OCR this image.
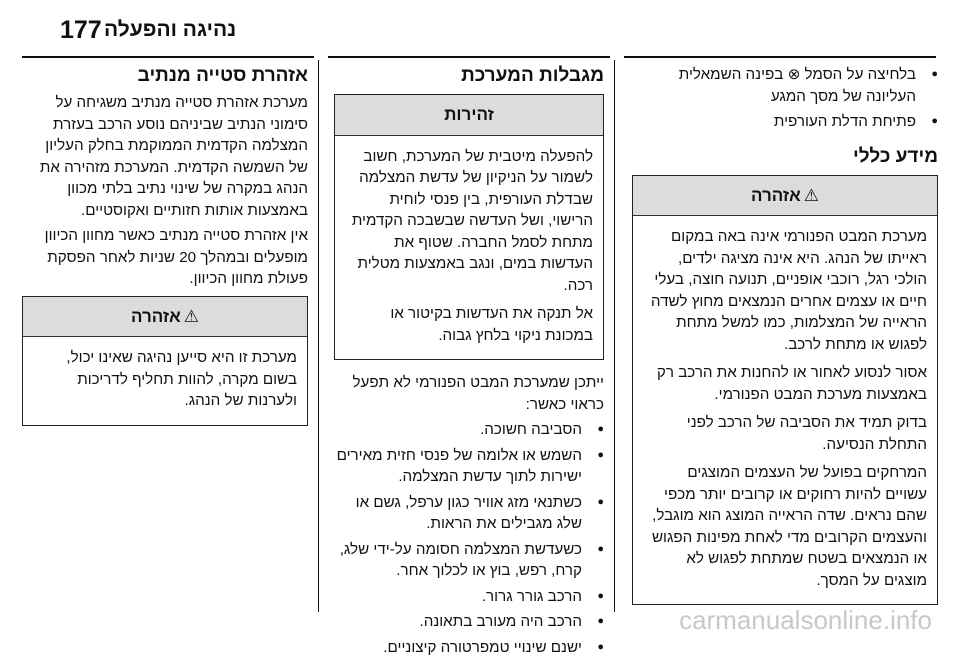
177 נהיגה והפעלה
● בלחיצה על הסמל ⊗ בפינה השמאלית העליונה של מסך המגע
● פתיחת הדלת העורפית
מידע כללי
⚠אזהרה

מערכת המבט הפנורמי אינה באה במקום ראייתו של הנהג. היא אינה מציגה ילדים, הולכי רגל, רוכבי אופניים, תנועה חוצה, בעלי חיים או עצמים אחרים הנמצאים מחוץ לשדה הראייה של המצלמות, כמו למשל מתחת לפגוש או מתחת לרכב.

אסור לנסוע לאחור או להחנות את הרכב רק באמצעות מערכת המבט הפנורמי.

בדוק תמיד את הסביבה של הרכב לפני התחלת הנסיעה.

המרחקים בפועל של העצמים המוצגים עשויים להיות רחוקים או קרובים יותר מכפי שהם נראים. שדה הראייה המוצג הוא מוגבל, והעצמים הקרובים מדי לאחת מפינות הפגוש או הנמצאים בשטח שמתחת לפגוש לא מוצגים על המסך.

מגבלות המערכת
זהירות

להפעלה מיטבית של המערכת, חשוב לשמור על הניקיון של עדשת המצלמה שבדלת העורפית, בין פנסי לוחית הרישוי, ושל העדשה שבשבכה הקדמית מתחת לסמל החברה. שטוף את העדשות במים, ונגב באמצעות מטלית רכה.

אל תנקה את העדשות בקיטור או במכונת ניקוי בלחץ גבוה.

ייתכן שמערכת המבט הפנורמי לא תפעל כראוי כאשר:

● הסביבה חשוכה.
● השמש או אלומה של פנסי חזית מאירים ישירות לתוך עדשת המצלמה.
● כשתנאי מזג אוויר כגון ערפל, גשם או שלג מגבילים את הראות.
● כשעדשת המצלמה חסומה על-ידי שלג, קרח, רפש, בוץ או לכלוך אחר.
● הרכב גורר גרור.
● הרכב היה מעורב בתאונה.
● ישנם שינויי טמפרטורה קיצוניים.
אזהרת סטייה מנתיב

מערכת אזהרת סטייה מנתיב משגיחה על סימוני הנתיב שביניהם נוסע הרכב בעזרת המצלמה הקדמית הממוקמת בחלק העליון של השמשה הקדמית. המערכת מזהירה את הנהג במקרה של שינוי נתיב בלתי מכוון באמצעות אותות חזותיים ואקוסטיים.

אין אזהרת סטייה מנתיב כאשר מחוון הכיוון מופעלים ובמהלך 20 שניות לאחר הפסקת פעולת מחוון הכיוון.

⚠אזהרה

מערכת זו היא סייען נהיגה שאינו יכול, בשום מקרה, להוות תחליף לדריכות ולערנות של הנהג.

carmanualsonline.info
